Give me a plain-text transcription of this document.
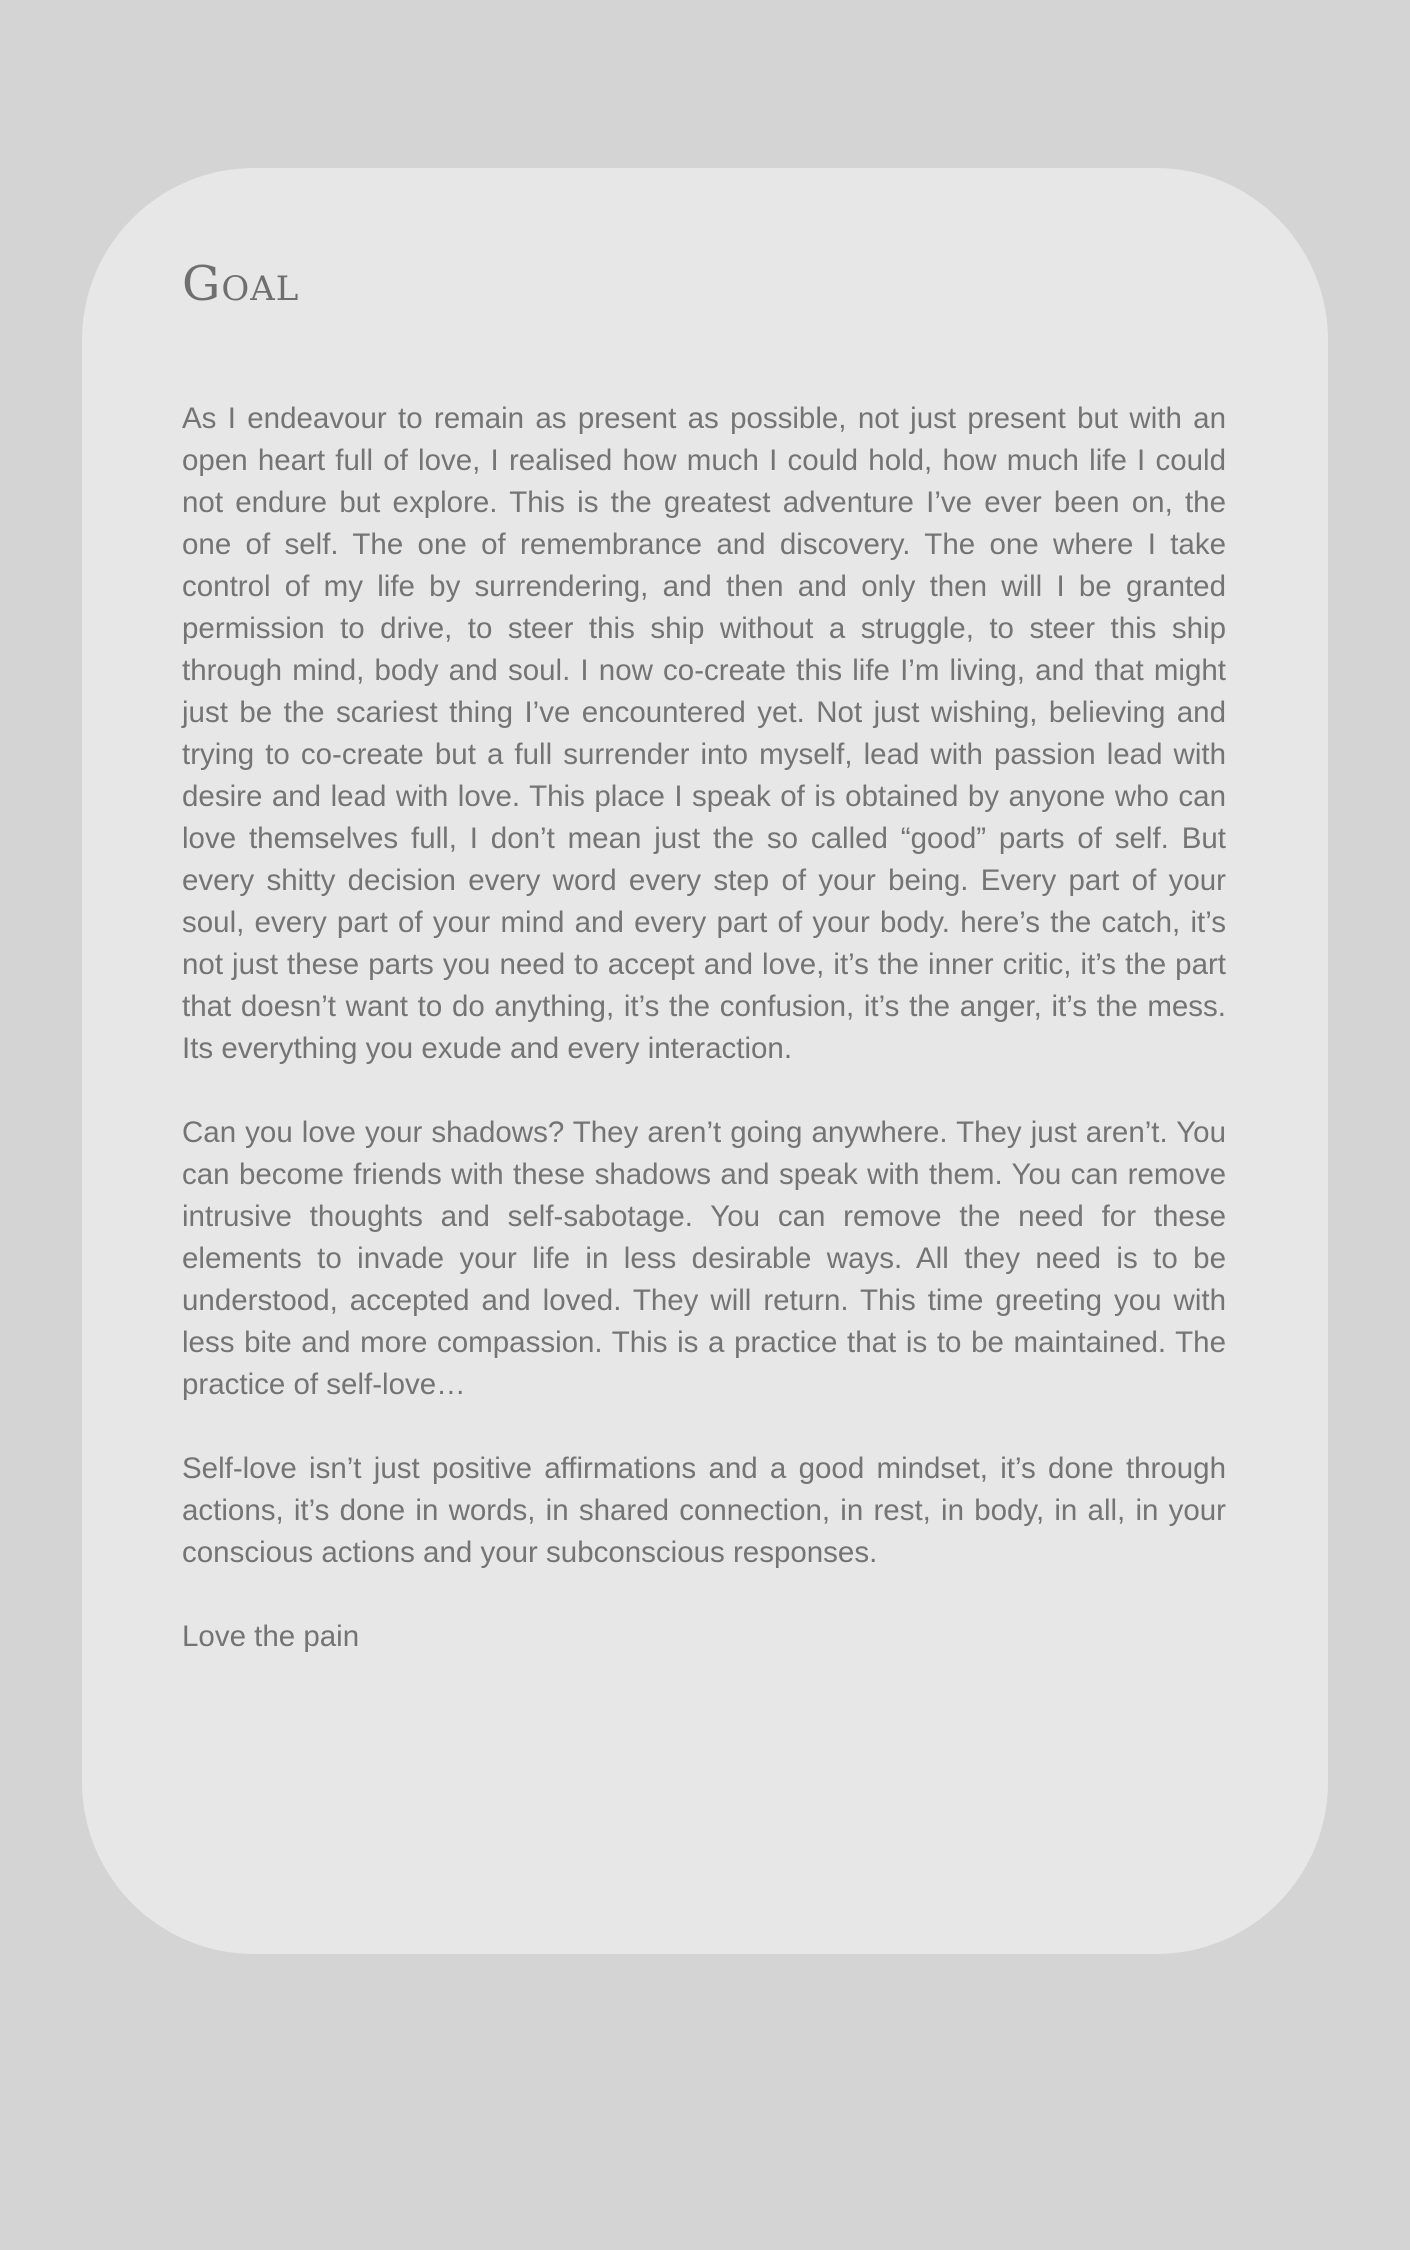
Goal

As I endeavour to remain as present as possible, not just present but with an open heart full of love, I realised how much I could hold, how much life I could not endure but explore. This is the greatest adventure I’ve ever been on, the one of self. The one of remembrance and discovery. The one where I take control of my life by surrendering, and then and only then will I be granted permission to drive, to steer this ship without a struggle, to steer this ship through mind, body and soul. I now co-create this life I’m living, and that might just be the scariest thing I’ve encountered yet. Not just wishing, believing and trying to co-create but a full surrender into myself, lead with passion lead with desire and lead with love. This place I speak of is obtained by anyone who can love themselves full, I don’t mean just the so called “good” parts of self. But every shitty decision every word every step of your being. Every part of your soul, every part of your mind and every part of your body. here’s the catch, it’s not just these parts you need to accept and love, it’s the inner critic, it’s the part that doesn’t want to do anything, it’s the confusion, it’s the anger, it’s the mess. Its everything you exude and every interaction.

Can you love your shadows? They aren’t going anywhere. They just aren’t. You can become friends with these shadows and speak with them. You can remove intrusive thoughts and self-sabotage. You can remove the need for these elements to invade your life in less desirable ways. All they need is to be understood, accepted and loved. They will return. This time greeting you with less bite and more compassion. This is a practice that is to be maintained. The practice of self-love…

Self-love isn’t just positive affirmations and a good mindset, it’s done through actions, it’s done in words, in shared connection, in rest, in body, in all, in your conscious actions and your subconscious responses.

Love the pain
